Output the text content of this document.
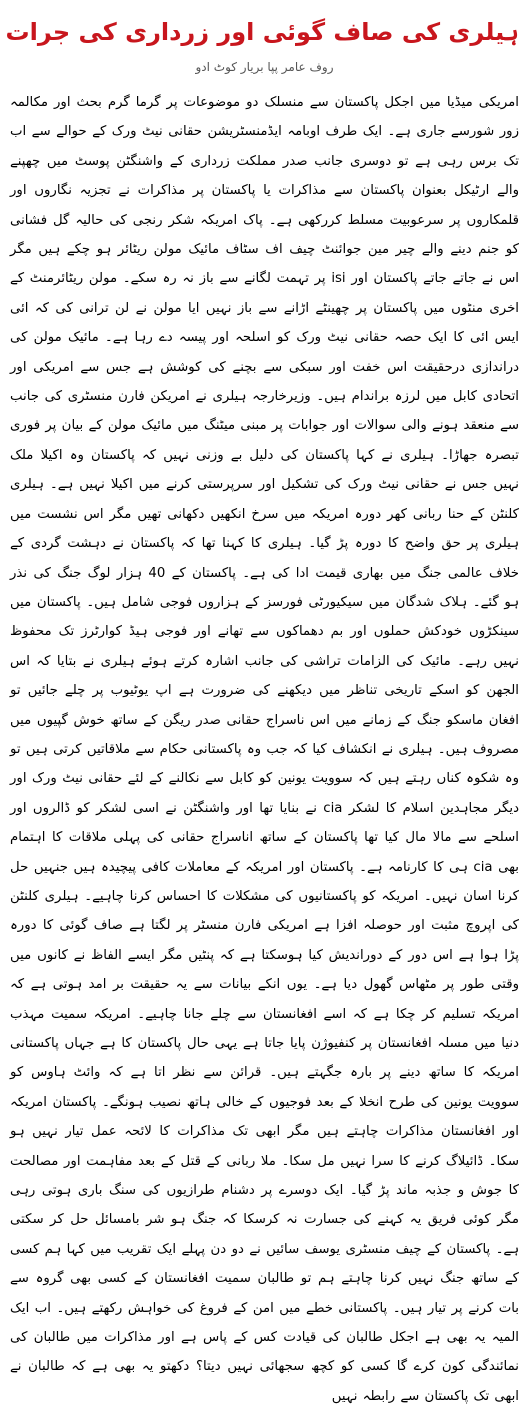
ہیلری کی صاف گوئی اور زرداری کی جرات
روف عامر پپا بریار کوٹ ادو

امریکی میڈیا میں اجکل پاکستان سے منسلک دو موضوعات پر گرما گرم بحث اور مکالمہ زور شورسے جاری ہے۔ ایک طرف اوبامہ ایڈمنسٹریشن حقانی نیٹ ورک کے حوالے سے اب تک برس رہی ہے تو دوسری جانب صدر مملکت زرداری کے واشنگٹن پوسٹ میں چھپنے والے ارٹیکل بعنوان پاکستان سے مذاکرات یا پاکستان پر مذاکرات نے تجزیہ نگاروں اور قلمکاروں پر سرعوبیت مسلط کررکھی ہے۔ پاک امریکہ شکر رنجی کی حالیہ گل فشانی کو جنم دینے والے چیر مین جوائنٹ چیف اف سٹاف مائیک مولن ریٹائر ہو چکے ہیں مگر اس نے جاتے جاتے پاکستان اور isi پر تہمت لگانے سے باز نہ رہ سکے۔ مولن ریٹائرمنٹ کے اخری منٹوں میں پاکستان پر چھینٹے اڑانے سے باز نہیں ایا مولن نے لن ترانی کی کہ ائی ایس ائی کا ایک حصہ حقانی نیٹ ورک کو اسلحہ اور پیسہ دے رہا ہے۔ مائیک مولن کی دراندازی درحقیقت اس خفت اور سبکی سے بچنے کی کوشش ہے جس سے امریکی اور اتحادی کابل میں لرزہ براندام ہیں۔ وزیرخارجہ ہیلری نے امریکن فارن منسٹری کی جانب سے منعقد ہونے والی سوالات اور جوابات پر مبنی میٹنگ میں مائیک مولن کے بیان پر فوری تبصرہ جھاڑا۔ ہیلری نے کہا پاکستان کی دلیل بے وزنی نہیں کہ پاکستان وہ اکیلا ملک نہیں جس نے حقانی نیٹ ورک کی تشکیل اور سرپرستی کرنے میں اکیلا نہیں ہے۔ ہیلری کلنٹن کے حنا ربانی کھر دورہ امریکہ میں سرخ انکھیں دکھانی تھیں مگر اس نشست میں ہیلری پر حق واضح کا دورہ پڑ گیا۔ ہیلری کا کہنا تھا کہ پاکستان نے دہشت گردی کے خلاف عالمی جنگ میں بھاری قیمت ادا کی ہے۔ پاکستان کے 40 ہزار لوگ جنگ کی نذر ہو گئے۔ ہلاک شدگان میں سیکیورٹی فورسز کے ہزاروں فوجی شامل ہیں۔ پاکستان میں سینکڑوں خودکش حملوں اور بم دھماکوں سے تھانے اور فوجی ہیڈ کوارٹرز تک محفوظ نہیں رہے۔ مائیک کی الزامات تراشی کی جانب اشارہ کرتے ہوئے ہیلری نے بتایا کہ اس الجھن کو اسکے تاریخی تناظر میں دیکھنے کی ضرورت ہے اپ یوٹیوب پر چلے جائیں تو افغان ماسکو جنگ کے زمانے میں اس ناسراج حقانی صدر ریگن کے ساتھ خوش گپیوں میں مصروف ہیں۔ ہیلری نے انکشاف کیا کہ جب وہ پاکستانی حکام سے ملاقاتیں کرتی ہیں تو وہ شکوہ کناں رہتے ہیں کہ سوویت یونین کو کابل سے نکالنے کے لئے حقانی نیٹ ورک اور دیگر مجاہدین اسلام کا لشکر cia نے بنایا تھا اور واشنگٹن نے اسی لشکر کو ڈالروں اور اسلحے سے مالا مال کیا تھا پاکستان کے ساتھ اناسراج حقانی کی پہلی ملاقات کا اہتمام بھی cia ہی کا کارنامہ ہے۔ پاکستان اور امریکہ کے معاملات کافی پیچیدہ ہیں جنہیں حل کرنا اسان نہیں۔ امریکہ کو پاکستانیوں کی مشکلات کا احساس کرنا چاہیے۔ ہیلری کلنٹن کی اپروچ مثبت اور حوصلہ افزا ہے امریکی فارن منسٹر پر لگتا ہے صاف گوئی کا دورہ پڑا ہوا ہے اس دور کے دوراندیش کیا ہوسکتا ہے کہ پنٹیں مگر ایسے الفاظ نے کانوں میں وقتی طور پر مٹھاس گھول دیا ہے۔ یوں انکے بیانات سے یہ حقیقت بر امد ہوتی ہے کہ امریکہ تسلیم کر چکا ہے کہ اسے افغانستان سے چلے جانا چاہیے۔ امریکہ سمیت مہذب دنیا میں مسلہ افغانستان پر کنفیوژن پایا جاتا ہے یہی حال پاکستان کا ہے جہاں پاکستانی امریکہ کا ساتھ دینے پر بارہ جگہتے ہیں۔ قرائن سے نظر اتا ہے کہ وائٹ ہاوس کو سوویت یونین کی طرح انخلا کے بعد فوجیوں کے خالی ہاتھ نصیب ہونگے۔ پاکستان امریکہ اور افغانستان مذاکرات چاہتے ہیں مگر ابھی تک مذاکرات کا لائحہ عمل تیار نہیں ہو سکا۔ ڈائیلاگ کرنے کا سرا نہیں مل سکا۔ ملا ربانی کے قتل کے بعد مفاہمت اور مصالحت کا جوش و جذبہ ماند پڑ گیا۔ ایک دوسرے پر دشنام طرازیوں کی سنگ باری ہوتی رہی مگر کوئی فریق یہ کہنے کی جسارت نہ کرسکا کہ جنگ ہو شر بامسائل حل کر سکتی ہے۔ پاکستان کے چیف منسٹری یوسف سائیں نے دو دن پہلے ایک تقریب میں کہا ہم کسی کے ساتھ جنگ نہیں کرنا چاہتے ہم تو طالبان سمیت افغانستان کے کسی بھی گروہ سے بات کرنے پر تیار ہیں۔ پاکستانی خطے میں امن کے فروغ کی خواہش رکھتے ہیں۔ اب ایک المیہ یہ بھی ہے اجکل طالبان کی قیادت کس کے پاس ہے اور مذاکرات میں طالبان کی نمائندگی کون کرے گا کسی کو کچھ سجھائی نہیں دیتا؟ دکھتو یہ بھی ہے کہ طالبان نے ابھی تک پاکستان سے رابطہ نہیں
